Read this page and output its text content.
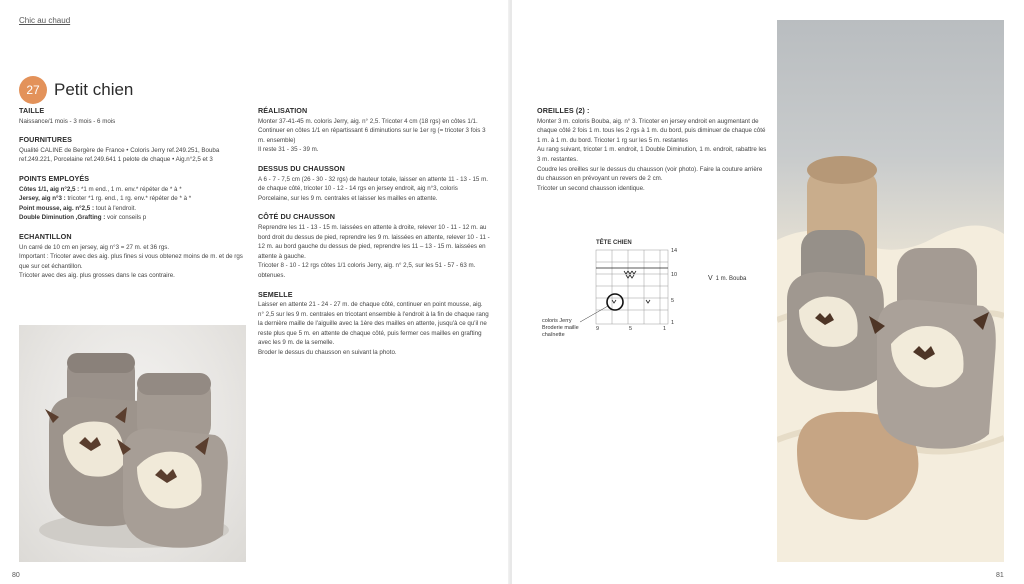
Chic au chaud
27 Petit chien
TAILLE

Naissance/1 mois - 3 mois - 6 mois

FOURNITURES

Qualité CALINE de Bergère de France • Coloris Jerry ref.249.251, Bouba ref.249.221, Porcelaine ref.249.641 1 pelote de chaque • Aig.n°2,5 et 3

POINTS EMPLOYÉS

Côtes 1/1, aig n°2,5 : *1 m end., 1 m. env.* répéter de * à *

Jersey, aig n°3 : tricoter *1 rg. end., 1 rg. env.* répéter de * à *

Point mousse, aig. n°2,5 : tout à l'endroit.

Double Diminution ,Grafting : voir conseils p

ECHANTILLON

Un carré de 10 cm en jersey, aig n°3 = 27 m. et 36 rgs.

Important : Tricoter avec des aig. plus fines si vous obtenez moins de m. et de rgs que sur cet échantillon.

Tricoter avec des aig. plus grosses dans le cas contraire.

RÉALISATION

Monter 37-41-45 m. coloris Jerry, aig. n° 2,5. Tricoter 4 cm (18 rgs) en côtes 1/1.

Continuer en côtes 1/1 en répartissant 6 diminutions sur le 1er rg (= tricoter 3 fois 3 m. ensemble)

Il reste 31 - 35 - 39 m.

DESSUS DU CHAUSSON

A 6 - 7 - 7,5 cm (26 - 30 - 32 rgs) de hauteur totale, laisser en attente 11 - 13 - 15 m. de chaque côté, tricoter 10 - 12 - 14 rgs en jersey endroit, aig n°3, coloris Porcelaine, sur les 9 m. centrales et laisser les mailles en attente.

CÔTÉ DU CHAUSSON

Reprendre les 11 - 13 - 15 m. laissées en attente à droite, relever 10 - 11 - 12 m. au bord droit du dessus de pied, reprendre les 9 m. laissées en attente, relever 10 - 11 - 12 m. au bord gauche du dessus de pied, reprendre les 11 – 13 - 15 m. laissées en attente à gauche.

Tricoter 8 - 10 - 12 rgs côtes 1/1 coloris Jerry, aig. n° 2,5, sur les 51 - 57 - 63 m. obtenues.

SEMELLE

Laisser en attente 21 - 24 - 27 m. de chaque côté, continuer en point mousse, aig. n° 2,5 sur les 9 m. centrales en tricotant ensemble à l'endroit à la fin de chaque rang la dernière maille de l'aiguille avec la 1ère des mailles en attente, jusqu'à ce qu'il ne reste plus que 5 m. en attente de chaque côté, puis fermer ces mailles en grafting avec les 9 m. de la semelle.

Broder le dessus du chausson en suivant la photo.

80
OREILLES (2) :

Monter 3 m. coloris Bouba, aig. n° 3. Tricoter en jersey endroit en augmentant de chaque côté 2 fois 1 m. tous les 2 rgs à 1 m. du bord, puis diminuer de chaque côté 1 m. à 1 m. du bord. Tricoter 1 rg sur les 5 m. restantes

Au rang suivant, tricoter 1 m. endroit, 1 Double Diminution, 1 m. endroit, rabattre les 3 m. restantes.

Coudre les oreilles sur le dessus du chausson (voir photo). Faire la couture arrière du chausson en prévoyant un revers de 2 cm.

Tricoter un second chausson identique.

TÊTE CHIEN
14
10
5
1
9	5	1
V 1 m. Bouba
coloris Jerry
Broderie maille
chaînette
81
